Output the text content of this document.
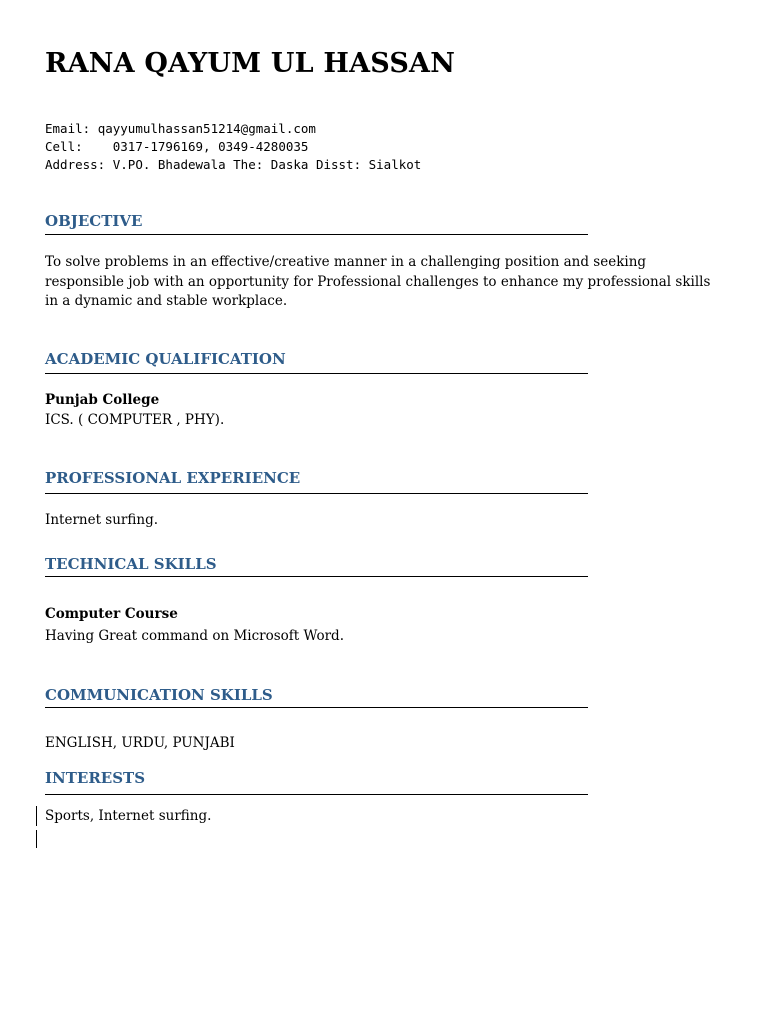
RANA QAYUM UL HASSAN
Email: qayyumulhassan51214@gmail.com
Cell: 0317-1796169, 0349-4280035
Address: V.PO. Bhadewala The: Daska Disst: Sialkot
OBJECTIVE
To solve problems in an effective/creative manner in a challenging position and seeking
responsible job with an opportunity for Professional challenges to enhance my professional skills
in a dynamic and stable workplace.
ACADEMIC QUALIFICATION
Punjab College
ICS. ( COMPUTER , PHY).
PROFESSIONAL EXPERIENCE
Internet surfing.
TECHNICAL SKILLS
Computer Course
Having Great command on Microsoft Word.
COMMUNICATION SKILLS
ENGLISH, URDU, PUNJABI
INTERESTS
Sports, Internet surfing.
